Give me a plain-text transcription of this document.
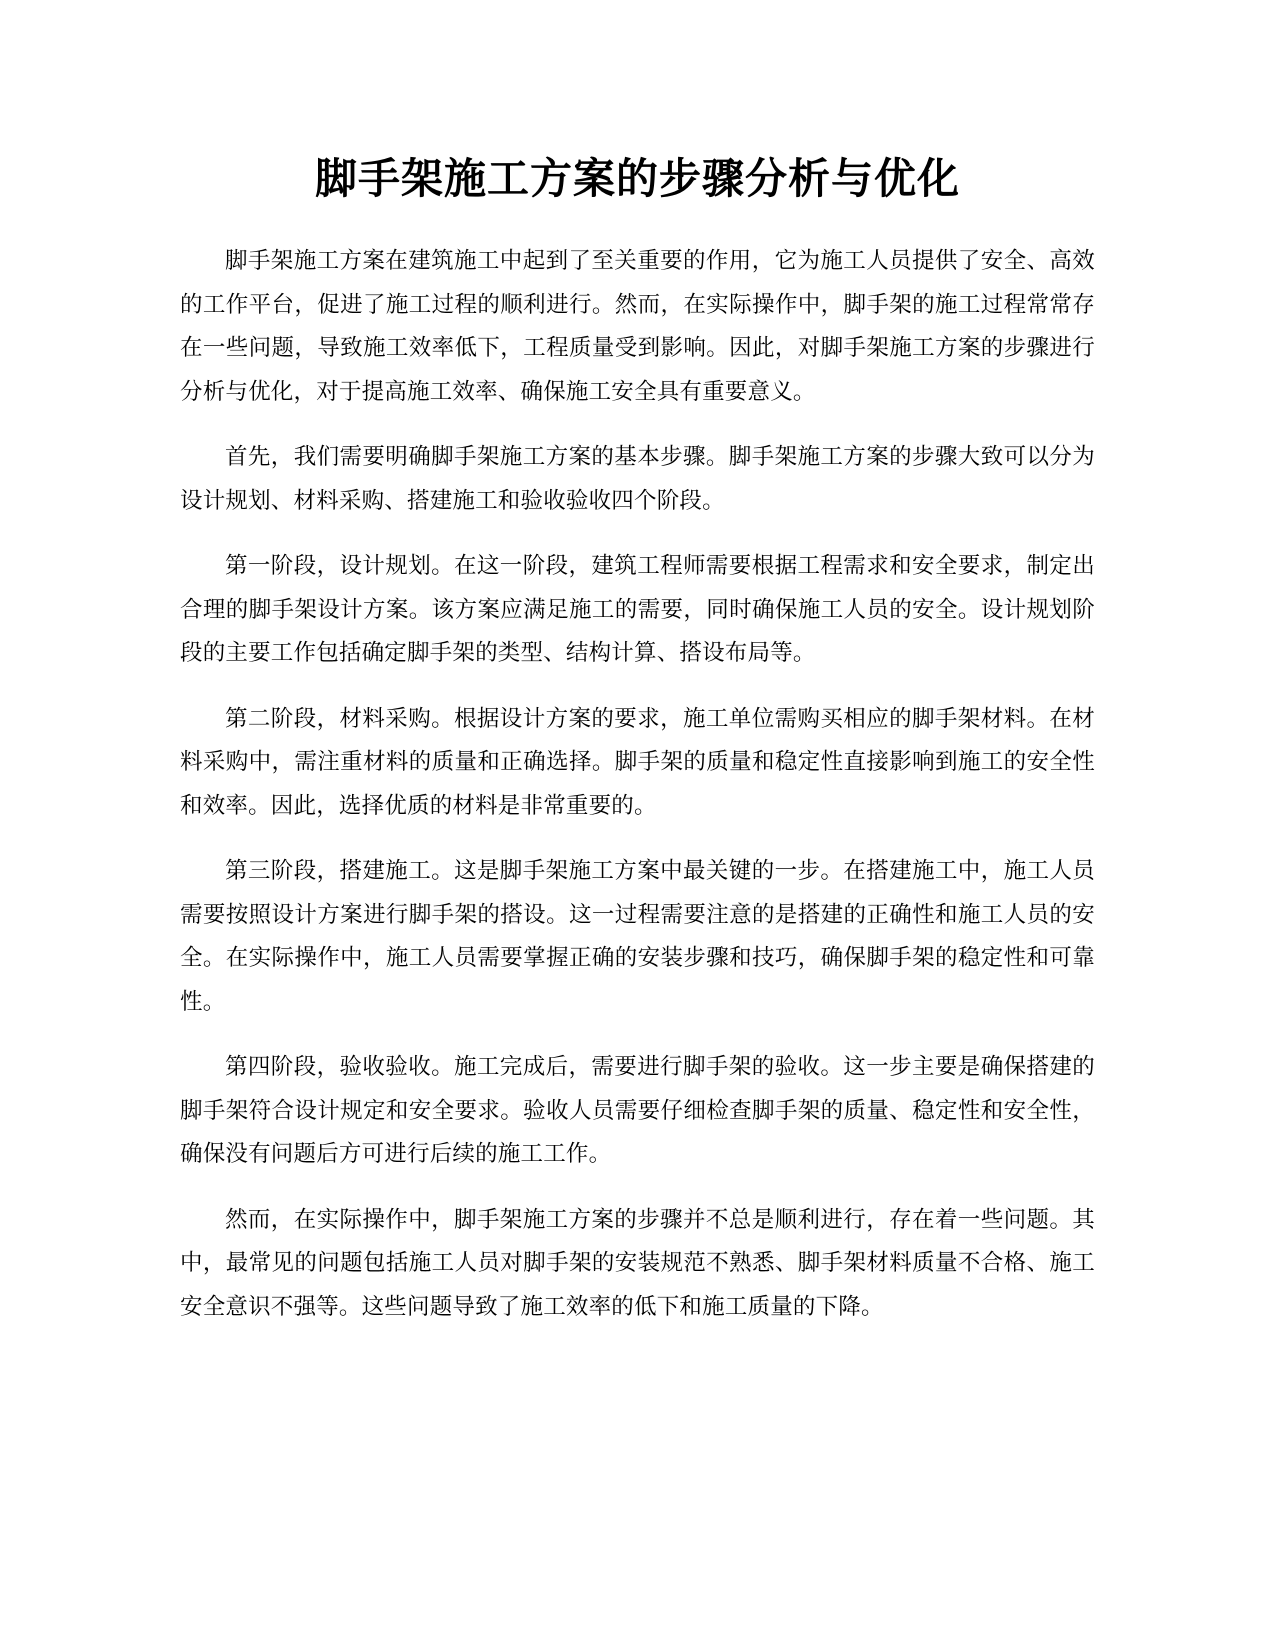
脚手架施工方案的步骤分析与优化

脚手架施工方案在建筑施工中起到了至关重要的作用，它为施工人员提供了安全、高效的工作平台，促进了施工过程的顺利进行。然而，在实际操作中，脚手架的施工过程常常存在一些问题，导致施工效率低下，工程质量受到影响。因此，对脚手架施工方案的步骤进行分析与优化，对于提高施工效率、确保施工安全具有重要意义。

首先，我们需要明确脚手架施工方案的基本步骤。脚手架施工方案的步骤大致可以分为设计规划、材料采购、搭建施工和验收验收四个阶段。

第一阶段，设计规划。在这一阶段，建筑工程师需要根据工程需求和安全要求，制定出合理的脚手架设计方案。该方案应满足施工的需要，同时确保施工人员的安全。设计规划阶段的主要工作包括确定脚手架的类型、结构计算、搭设布局等。

第二阶段，材料采购。根据设计方案的要求，施工单位需购买相应的脚手架材料。在材料采购中，需注重材料的质量和正确选择。脚手架的质量和稳定性直接影响到施工的安全性和效率。因此，选择优质的材料是非常重要的。

第三阶段，搭建施工。这是脚手架施工方案中最关键的一步。在搭建施工中，施工人员需要按照设计方案进行脚手架的搭设。这一过程需要注意的是搭建的正确性和施工人员的安全。在实际操作中，施工人员需要掌握正确的安装步骤和技巧，确保脚手架的稳定性和可靠性。

第四阶段，验收验收。施工完成后，需要进行脚手架的验收。这一步主要是确保搭建的脚手架符合设计规定和安全要求。验收人员需要仔细检查脚手架的质量、稳定性和安全性，确保没有问题后方可进行后续的施工工作。

然而，在实际操作中，脚手架施工方案的步骤并不总是顺利进行，存在着一些问题。其中，最常见的问题包括施工人员对脚手架的安装规范不熟悉、脚手架材料质量不合格、施工安全意识不强等。这些问题导致了施工效率的低下和施工质量的下降。
